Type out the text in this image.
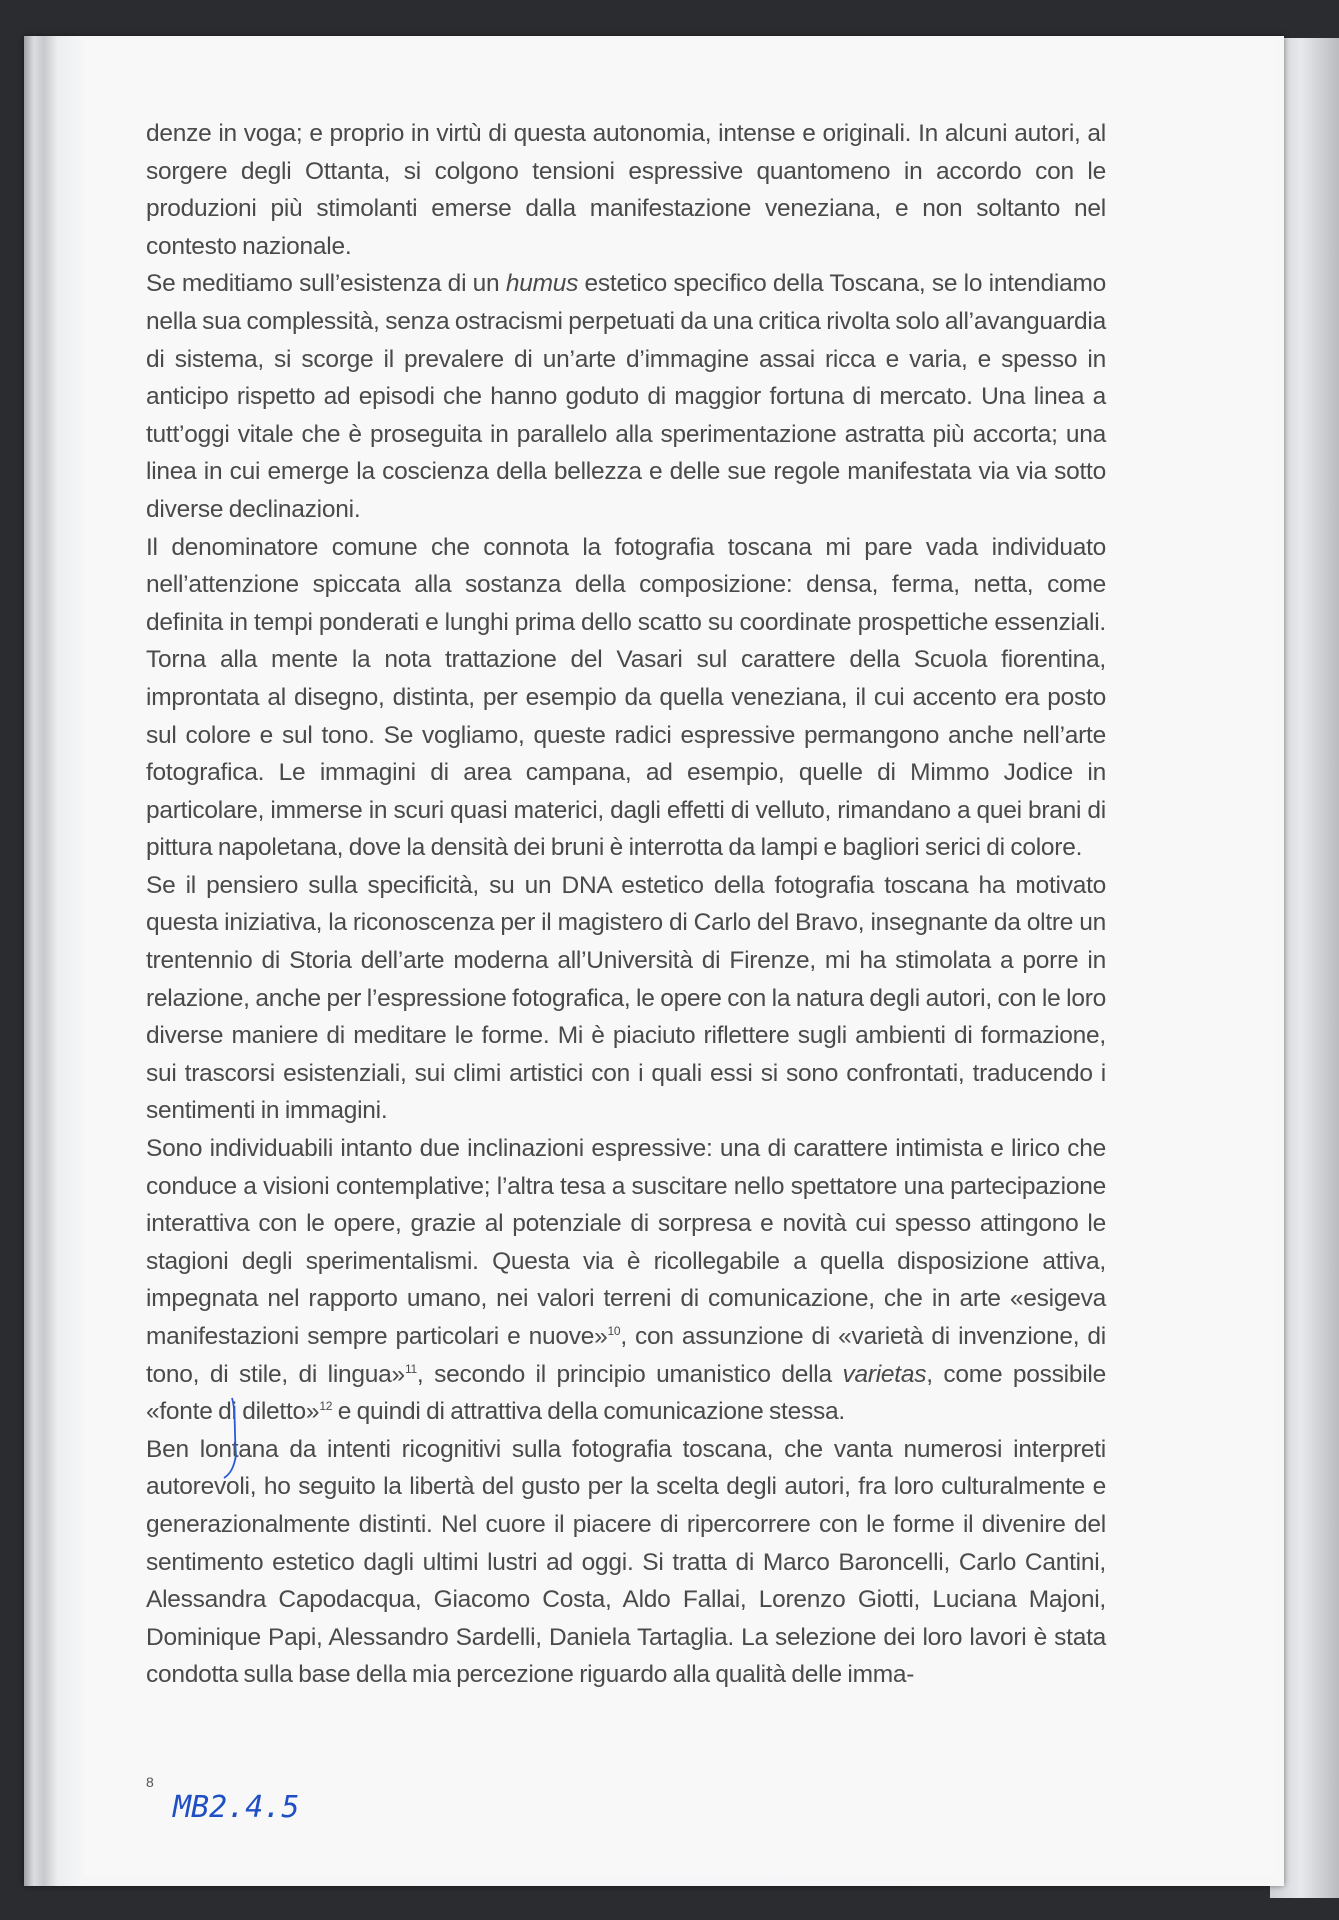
denze in voga; e proprio in virtù di questa autonomia, intense e originali. In alcuni autori, al sorgere degli Ottanta, si colgono tensioni espressive quantomeno in accordo con le produzioni più stimolanti emerse dalla manifestazione veneziana, e non soltanto nel contesto nazionale.

Se meditiamo sull’esistenza di un humus estetico specifico della Toscana, se lo intendiamo nella sua complessità, senza ostracismi perpetuati da una critica rivolta solo all’avanguardia di sistema, si scorge il prevalere di un’arte d’immagine assai ricca e varia, e spesso in anticipo rispetto ad episodi che hanno goduto di maggior fortuna di mercato. Una linea a tutt’oggi vitale che è proseguita in parallelo alla sperimentazione astratta più accorta; una linea in cui emerge la coscienza della bellezza e delle sue regole manifestata via via sotto diverse declinazioni.

Il denominatore comune che connota la fotografia toscana mi pare vada individuato nell’attenzione spiccata alla sostanza della composizione: densa, ferma, netta, come definita in tempi ponderati e lunghi prima dello scatto su coordinate prospettiche essenziali. Torna alla mente la nota trattazione del Vasari sul carattere della Scuola fiorentina, improntata al disegno, distinta, per esempio da quella veneziana, il cui accento era posto sul colore e sul tono. Se vogliamo, queste radici espressive permangono anche nell’arte fotografica. Le immagini di area campana, ad esempio, quelle di Mimmo Jodice in particolare, immerse in scuri quasi materici, dagli effetti di velluto, rimandano a quei brani di pittura napoletana, dove la densità dei bruni è interrotta da lampi e bagliori serici di colore.

Se il pensiero sulla specificità, su un DNA estetico della fotografia toscana ha motivato questa iniziativa, la riconoscenza per il magistero di Carlo del Bravo, insegnante da oltre un trentennio di Storia dell’arte moderna all’Università di Firenze, mi ha stimolata a porre in relazione, anche per l’espressione fotografica, le opere con la natura degli autori, con le loro diverse maniere di meditare le forme. Mi è piaciuto riflettere sugli ambienti di formazione, sui trascorsi esistenziali, sui climi artistici con i quali essi si sono confrontati, traducendo i sentimenti in immagini.

Sono individuabili intanto due inclinazioni espressive: una di carattere intimista e lirico che conduce a visioni contemplative; l’altra tesa a suscitare nello spettatore una partecipazione interattiva con le opere, grazie al potenziale di sorpresa e novità cui spesso attingono le stagioni degli sperimentalismi. Questa via è ricollegabile a quella disposizione attiva, impegnata nel rapporto umano, nei valori terreni di comunicazione, che in arte «esigeva manifestazioni sempre particolari e nuove»$^{10}$, con assunzione di «varietà di invenzione, di tono, di stile, di lingua»$^{11}$, secondo il principio umanistico della varietas, come possibile «fonte di diletto»$^{12}$ e quindi di attrattiva della comunicazione stessa.

Ben lontana da intenti ricognitivi sulla fotografia toscana, che vanta numerosi interpreti autorevoli, ho seguito la libertà del gusto per la scelta degli autori, fra loro culturalmente e generazionalmente distinti. Nel cuore il piacere di ripercorrere con le forme il divenire del sentimento estetico dagli ultimi lustri ad oggi. Si tratta di Marco Baroncelli, Carlo Cantini, Alessandra Capodacqua, Giacomo Costa, Aldo Fallai, Lorenzo Giotti, Luciana Majoni, Dominique Papi, Alessandro Sardelli, Daniela Tartaglia. La selezione dei loro lavori è stata condotta sulla base della mia percezione riguardo alla qualità delle imma-

8
MB2.4.5
